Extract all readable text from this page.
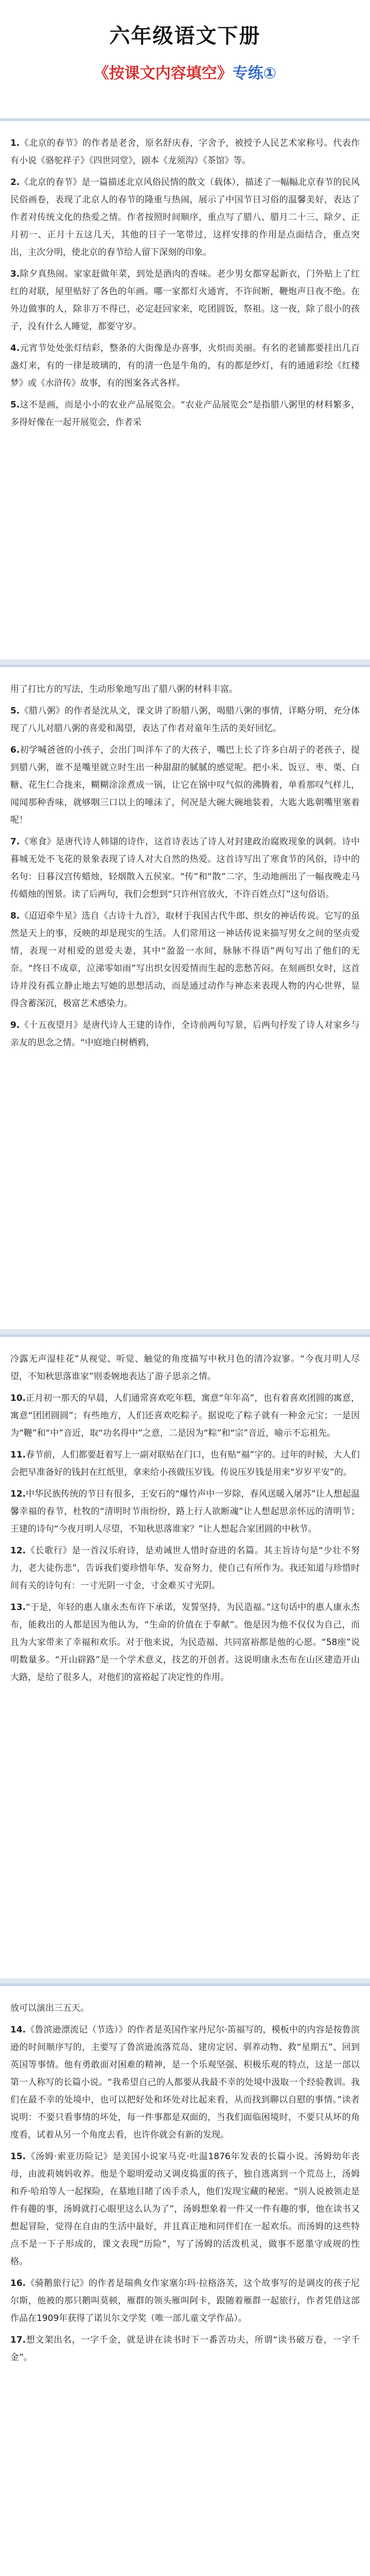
六年级语文下册
《按课文内容填空》专练①

1.《北京的春节》的作者是老舍，原名舒庆春，字舍予，被授予人民艺术家称号。代表作有小说《骆驼祥子》《四世同堂》，剧本《龙须沟》《茶馆》等。

2.《北京的春节》是一篇描述北京风俗民情的散文（载体），描述了一幅幅北京春节的民风民俗画卷，表现了北京人的春节的隆重与热闹，展示了中国节日习俗的温馨美好，表达了作者对传统文化的热爱之情。作者按照时间顺序，重点写了腊八、腊月二十三、除夕、正月初一、正月十五这几天，其他的日子一笔带过，这样安排的作用是点面结合，重点突出，主次分明，使北京的春节给人留下深刻的印象。

3.除夕真热闹。家家赶做年菜，到处是酒肉的香味。老少男女都穿起新衣，门外贴上了红红的对联，屋里贴好了各色的年画。哪一家都灯火通宵，不许间断，鞭炮声日夜不绝。在外边做事的人，除非万不得已，必定赶回家来，吃团圆饭，祭祖。这一夜，除了很小的孩子，没有什么人睡觉，都要守岁。

4.元宵节处处张灯结彩，整条的大街像是办喜事，火炽而美丽。有名的老铺都要挂出几百盏灯来，有的一律是玻璃的，有的清一色是牛角的，有的都是纱灯，有的通通彩绘《红楼梦》或《水浒传》故事，有的图案各式各样。

5.这不是画，而是小小的农业产品展览会。“农业产品展览会”是指腊八粥里的材料繁多，多得好像在一起开展览会，作者采

用了打比方的写法，生动形象地写出了腊八粥的材料丰富。

5.《腊八粥》的作者是沈从文，课文讲了盼腊八粥，喝腊八粥的事情，详略分明，充分体现了八儿对腊八粥的喜爱和渴望，表达了作者对童年生活的美好回忆。

6.初学喊爸爸的小孩子，会出门叫洋车了的大孩子，嘴巴上长了许多白胡子的老孩子，提到腊八粥，谁不是嘴里就立时生出一种甜甜的腻腻的感觉呢。把小米、饭豆、枣、栗、白糖、花生仁合拢来，糊糊涂涂煮成一锅，让它在锅中叹气似的沸腾着，单看那叹气样儿，闻闻那种香味，就够咽三口以上的唾沫了，何况是大碗大碗地装着，大匙大匙朝嘴里塞着呢！

7.《寒食》是唐代诗人韩翃的诗作，这首诗表达了诗人对封建政治腐败现象的讽刺。诗中暮城无处不飞花的景象表现了诗人对大自然的热爱。这首诗写出了寒食节的风俗，诗中的名句：日暮汉宫传蜡烛，轻烟散入五侯家。“传”和“散”二字，生动地画出了一幅夜晚走马传蜡烛的图景。读了后两句，我们会想到“只许州官放火，不许百姓点灯”这句俗语。

8.《迢迢牵牛星》选自《古诗十九首》，取材于我国古代牛郎、织女的神话传说。它写的虽然是天上的事，反映的却是现实的生活。人们常用这一神话传说来描写男女之间的坚贞爱情，表现一对相爱的恩爱夫妻，其中“盈盈一水间，脉脉不得语”两句写出了他们的无奈。“终日不成章，泣涕零如雨”写出织女因爱情而生起的悲愁苦闷。在刻画织女时，这首诗并没有孤立静止地去写她的思想活动，而是通过动作与神态来表现人物的内心世界，显得含蓄深沉，极富艺术感染力。

9.《十五夜望月》是唐代诗人王建的诗作，全诗前两句写景，后两句抒发了诗人对家乡与亲友的思念之情。“中庭地白树栖鸦，

冷露无声湿桂花”从视觉、听觉、触觉的角度描写中秋月色的清冷寂寥。“今夜月明人尽望，不知秋思落谁家”则委婉地表达了游子思亲之情。

10.正月初一那天的早晨，人们通常喜欢吃年糕，寓意“年年高”，也有着喜欢团圆的寓意，寓意“团团圆圆”；有些地方，人们还喜欢吃粽子。据说吃了粽子就有一种金元宝；一是因为“鞭”和“中”音近，取“功名得中”之意，二是因为“粽”和“宗”音近，喻示不忘祖先。

11.春节前，人们都要赶着写上一副对联贴在门口，也有贴“福”字的。过年的时候，大人们会把早准备好的钱封在红纸里，拿来给小孩做压岁钱。传说压岁钱是用来“岁岁平安”的。

12.中华民族传统的节日有很多，王安石的“爆竹声中一岁除，春风送暖入屠苏”让人想起温馨幸福的春节，杜牧的“清明时节雨纷纷，路上行人欲断魂”让人想起思亲怀远的清明节；王建的诗句“今夜月明人尽望，不知秋思落谁家？”让人想起合家团圆的中秋节。

12.《长歌行》是一首汉乐府诗，是劝诫世人惜时奋进的名篇。其主旨诗句是“少壮不努力，老大徒伤悲”，告诉我们要珍惜年华、发奋努力，使自己有所作为。我还知道与珍惜时间有关的诗句有：一寸光阴一寸金，寸金难买寸光阴。

13.“于是，年轻的惠人康永杰布许下承诺，发誓坚持，为民造福。”这句话中的惠人康永杰布，能救出的人都是因为他认为，“生命的价值在于奉献”。他是因为他不仅仅为自己，而且为大家带来了幸福和欢乐。对于他来说，为民造福、共同富裕都是他的心愿。“58座”说明数量多。“开山辟路”是一个学术意义，技艺的开创者。这说明康永杰布在山区建造开山大路，是给了很多人，对他们的富裕起了决定性的作用。

放可以演出三五天。

14.《鲁滨逊漂流记（节选）》的作者是英国作家丹尼尔·笛福写的，模板中的内容是按鲁滨逊的时间顺序写的，主要写了鲁滨逊流落荒岛、建房定居、驯养动物、救“星期五”、回到英国等事情。他有勇敢面对困难的精神，是一个乐观坚强、积极乐观的特点，这是一部以第一人称写的长篇小说。“我希望自己的人都要从我最不幸的处境中汲取一个经验教训。我们在最不幸的处境中，也可以把好处和坏处对比起来看，从而找到聊以自慰的事情。”读者说明：不要只看事情的坏处，每一件事都是双面的，当我们面临困境时，不要只从坏的角度看，试着从另一个角度去看，也许你就会有新的发现。

15.《汤姆·索亚历险记》是美国小说家马克·吐温1876年发表的长篇小说。汤姆幼年丧母，由波莉姨妈收养。他是个聪明爱动又调皮捣蛋的孩子，独自逃离到一个荒岛上，汤姆和乔·哈珀等人一起探险，在墓地目睹了凶手杀人，他们发现宝藏的秘密。“别人说被领走是件有趣的事，汤姆就打心眼里这么认为了”，汤姆想象着一件又一件有趣的事，他在读书又想起冒险，觉得在自由的生活中最好，并且真正地和同伴们在一起欢乐。而汤姆的这些特点不是一下子形成的，课文表现“历险”，写了汤姆的活泼机灵，做事不愿墨守成规的性格。

16.《骑鹅旅行记》的作者是瑞典女作家塞尔玛·拉格洛芙，这个故事写的是调皮的孩子尼尔斯，他被的那只鹅叫莫顿，雁群的领头雁叫阿卡，跟随着雁群一起旅行，作者凭借这部作品在1909年获得了诺贝尔文学奖（唯一部儿童文学作品）。

17.想文架出名，一字千金，就是讲在读书时下一番苦功夫，所谓“读书破万卷，一字千金”。
